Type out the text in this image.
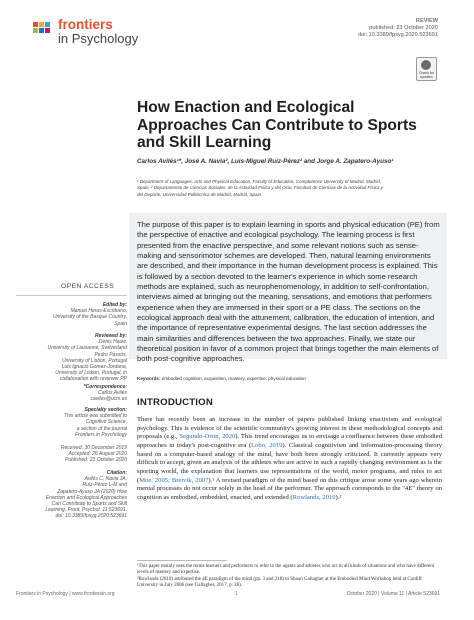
frontiers
in Psychology
REVIEW
published: 23 October 2020
doi: 10.3389/fpsyg.2020.523691
Check for updates
How Enaction and Ecological Approaches Can Contribute to Sports and Skill Learning
Carlos Avilés¹*, José A. Navia², Luis-Miguel Ruiz-Pérez² and Jorge A. Zapatero-Ayuso¹
¹ Department of Languages, Arts and Physical Education, Faculty of Education, Complutense University of Madrid, Madrid,
Spain, ² Departamento de Ciencias Sociales, de la Actividad Física y del Ocio, Facultad de Ciencias de la Actividad Física y
del Deporte, Universidad Politécnica de Madrid, Madrid, Spain

The purpose of this paper is to explain learning in sports and physical education (PE) from the perspective of enactive and ecological psychology. The learning process is first presented from the enactive perspective, and some relevant notions such as sense-making and sensorimotor schemes are developed. Then, natural learning environments are described, and their importance in the human development process is explained. This is followed by a section devoted to the learner's experience in which some research methods are explained, such as neurophenomenology, in addition to self-confrontation, interviews aimed at bringing out the meaning, sensations, and emotions that performers experience when they are immersed in their sport or a PE class. The sections on the ecological approach deal with the attunement, calibration, the education of intention, and the importance of representative experimental designs. The last section addresses the main similarities and differences between the two approaches. Finally, we state our theoretical position in favor of a common project that brings together the main elements of both post-cognitive approaches.

Keywords: embodied cognition, acquisition, mastery, expertise, physical education
OPEN ACCESS
Edited by:
Manuel Heras-Escribano,
University of the Basque Country,
Spain
Reviewed by:
Denis Hauw,
University of Lausanne, Switzerland
Pedro Passos,
University of Lisbon, Portugal
Luis Ignacio Gomez-Jordana,
University of Lisbon, Portugal, in
collaboration with reviewer PP
*Correspondence:
Carlos Avilés
caviles@ucm.es
Specialty section:
This article was submitted to
Cognitive Science,
a section of the journal
Frontiers in Psychology
Received: 30 December 2019
Accepted: 26 August 2020
Published: 23 October 2020
Citation:
Avilés C, Navia JA,
Ruiz-Pérez L-M and
Zapatero-Ayuso JA (2020) How
Enaction and Ecological Approaches
Can Contribute to Sports and Skill
Learning. Front. Psychol. 11:523691.
doi: 10.3389/fpsyg.2020.523691
INTRODUCTION

There has recently been an increase in the number of papers published linking enactivism and ecological psychology. This is evidence of the scientific community's growing interest in these methodological concepts and proposals (e.g., Segundo-Ortin, 2020). This trend encourages us to envisage a confluence between these embodied approaches in today's post-cognitive era (Lobo, 2019). Classical cognitivism and information-processing theory based on a computer-based analogy of the mind, have both been strongly criticized. It currently appears very difficult to accept, given an analysis of the athletes who are active in such a rapidly changing environment as is the sporting world, the explanation that learners use representations of the world, motor programs, and rules to act (Moe, 2005; Breivik, 2007).¹ A revised paradigm of the mind based on this critique arose some years ago wherein mental processes do not occur solely in the head of the performer. The approach corresponds to the "4E" theory on cognition as embodied, embedded, enacted, and extended (Rowlands, 2010).²

¹This paper mainly uses the terms learners and performers to refer to the agents and athletes who act in all kinds of situations and who have different levels of mastery and expertise.
²Rowlands (2010) attributed the 4E paradigm of the mind (pp. 3 and 218) to Shaun Gallagher at the Embodied Mind Workshop held at Cardiff University in July 2006 (see Gallagher, 2017, p. 28).
Frontiers in Psychology | www.frontiersin.org	1	October 2020 | Volume 11 | Article 523691
